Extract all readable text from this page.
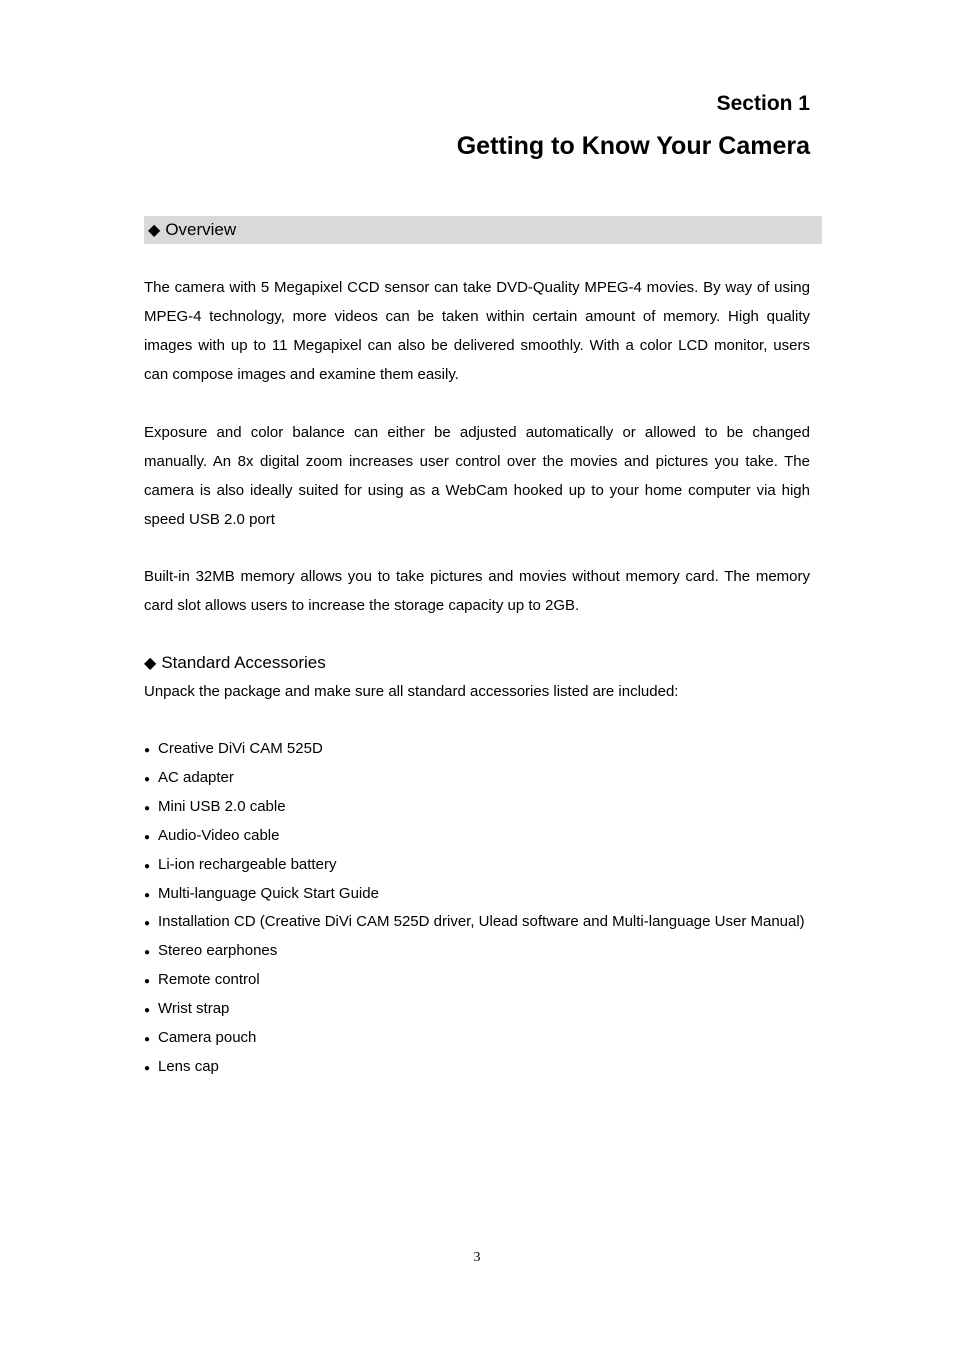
Section 1
Getting to Know Your Camera
◆ Overview

The camera with 5 Megapixel CCD sensor can take DVD-Quality MPEG-4 movies. By way of using MPEG-4 technology, more videos can be taken within certain amount of memory. High quality images with up to 11 Megapixel can also be delivered smoothly. With a color LCD monitor, users can compose images and examine them easily.

Exposure and color balance can either be adjusted automatically or allowed to be changed manually. An 8x digital zoom increases user control over the movies and pictures you take. The camera is also ideally suited for using as a WebCam hooked up to your home computer via high speed USB 2.0 port

Built-in 32MB memory allows you to take pictures and movies without memory card. The memory card slot allows users to increase the storage capacity up to 2GB.

◆ Standard Accessories

Unpack the package and make sure all standard accessories listed are included:

● Creative DiVi CAM 525D
● AC adapter
● Mini USB 2.0 cable
● Audio-Video cable
● Li-ion rechargeable battery
● Multi-language Quick Start Guide
● Installation CD (Creative DiVi CAM 525D driver, Ulead software and Multi-language User Manual)
● Stereo earphones
● Remote control
● Wrist strap
● Camera pouch
● Lens cap
3
